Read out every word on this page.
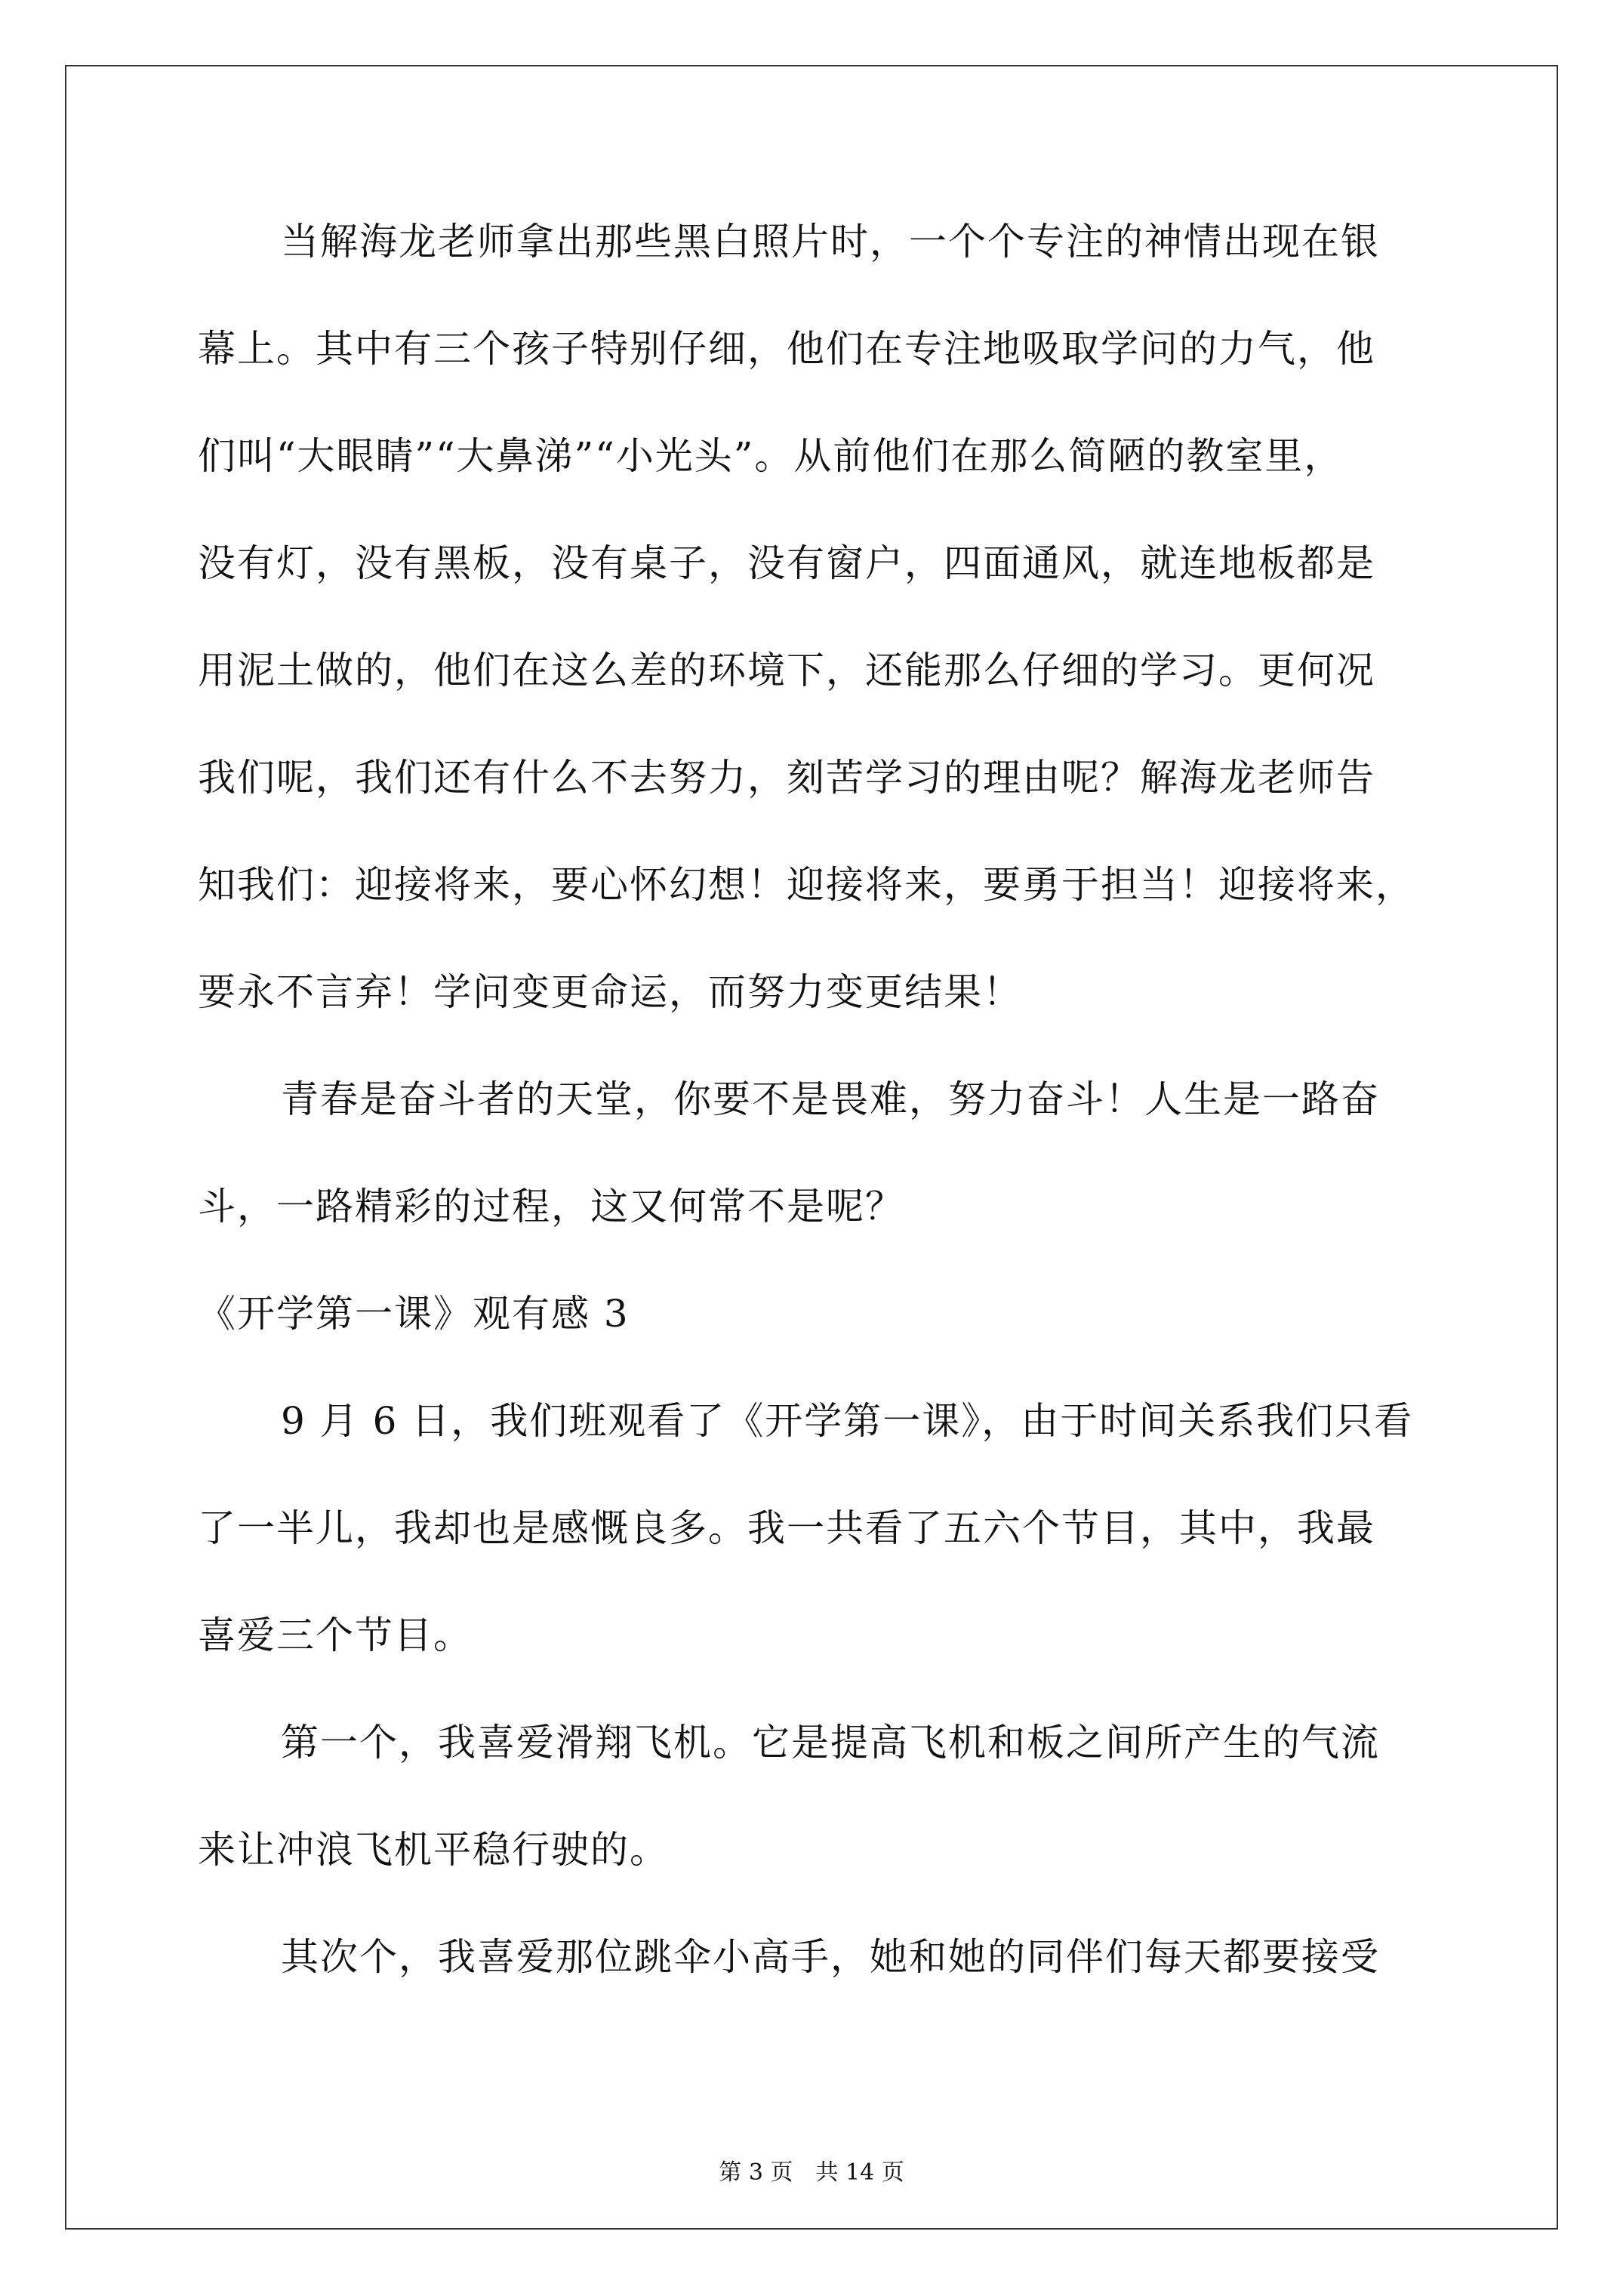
当解海龙老师拿出那些黑白照片时，一个个专注的神情出现在银
幕上。其中有三个孩子特别仔细，他们在专注地吸取学问的力气，他
们叫“大眼睛”“大鼻涕”“小光头”。从前他们在那么简陋的教室里，
没有灯，没有黑板，没有桌子，没有窗户，四面通风，就连地板都是
用泥土做的，他们在这么差的环境下，还能那么仔细的学习。更何况
我们呢，我们还有什么不去努力，刻苦学习的理由呢？解海龙老师告
知我们：迎接将来，要心怀幻想！迎接将来，要勇于担当！迎接将来，
要永不言弃！学问变更命运，而努力变更结果！
青春是奋斗者的天堂，你要不是畏难，努力奋斗！人生是一路奋
斗，一路精彩的过程，这又何常不是呢？
《开学第一课》观有感 3
9 月 6 日，我们班观看了《开学第一课》，由于时间关系我们只看
了一半儿，我却也是感慨良多。我一共看了五六个节目，其中，我最
喜爱三个节目。
第一个，我喜爱滑翔飞机。它是提高飞机和板之间所产生的气流
来让冲浪飞机平稳行驶的。
其次个，我喜爱那位跳伞小高手，她和她的同伴们每天都要接受
第 3 页　共 14 页
